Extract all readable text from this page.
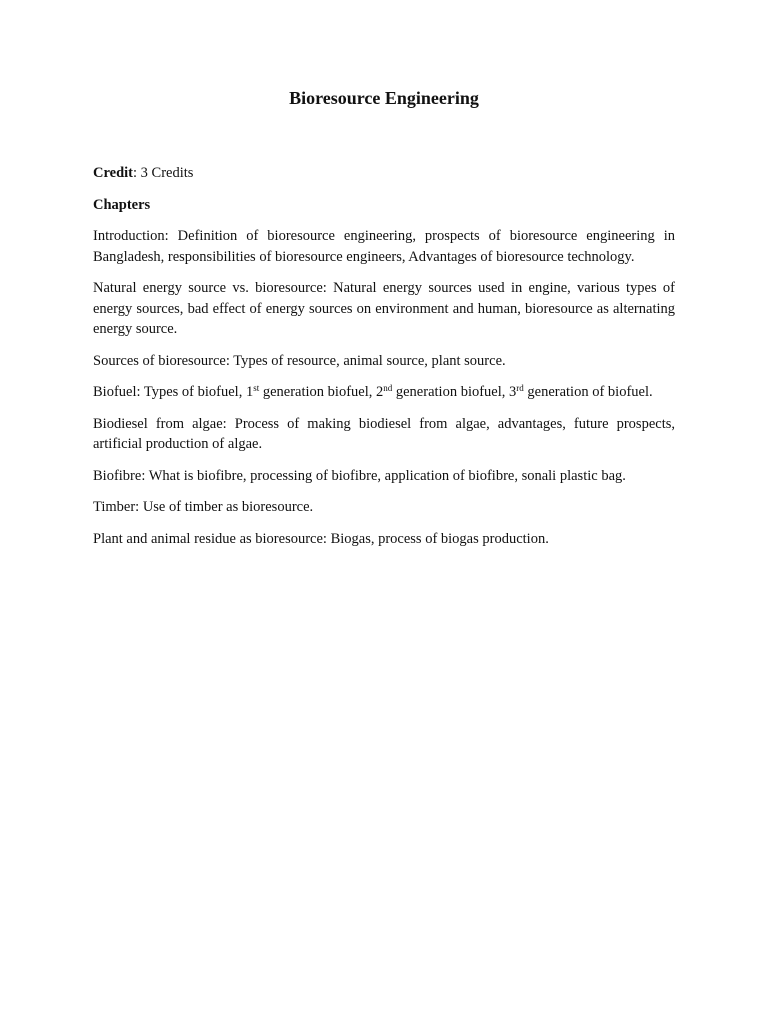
Bioresource Engineering
Credit: 3 Credits
Chapters
Introduction: Definition of bioresource engineering, prospects of bioresource engineering in Bangladesh, responsibilities of bioresource engineers, Advantages of bioresource technology.
Natural energy source vs. bioresource: Natural energy sources used in engine, various types of energy sources, bad effect of energy sources on environment and human, bioresource as alternating energy source.
Sources of bioresource: Types of resource, animal source, plant source.
Biofuel: Types of biofuel, 1st generation biofuel, 2nd generation biofuel, 3rd generation of biofuel.
Biodiesel from algae: Process of making biodiesel from algae, advantages, future prospects, artificial production of algae.
Biofibre: What is biofibre, processing of biofibre, application of biofibre, sonali plastic bag.
Timber: Use of timber as bioresource.
Plant and animal residue as bioresource: Biogas, process of biogas production.
